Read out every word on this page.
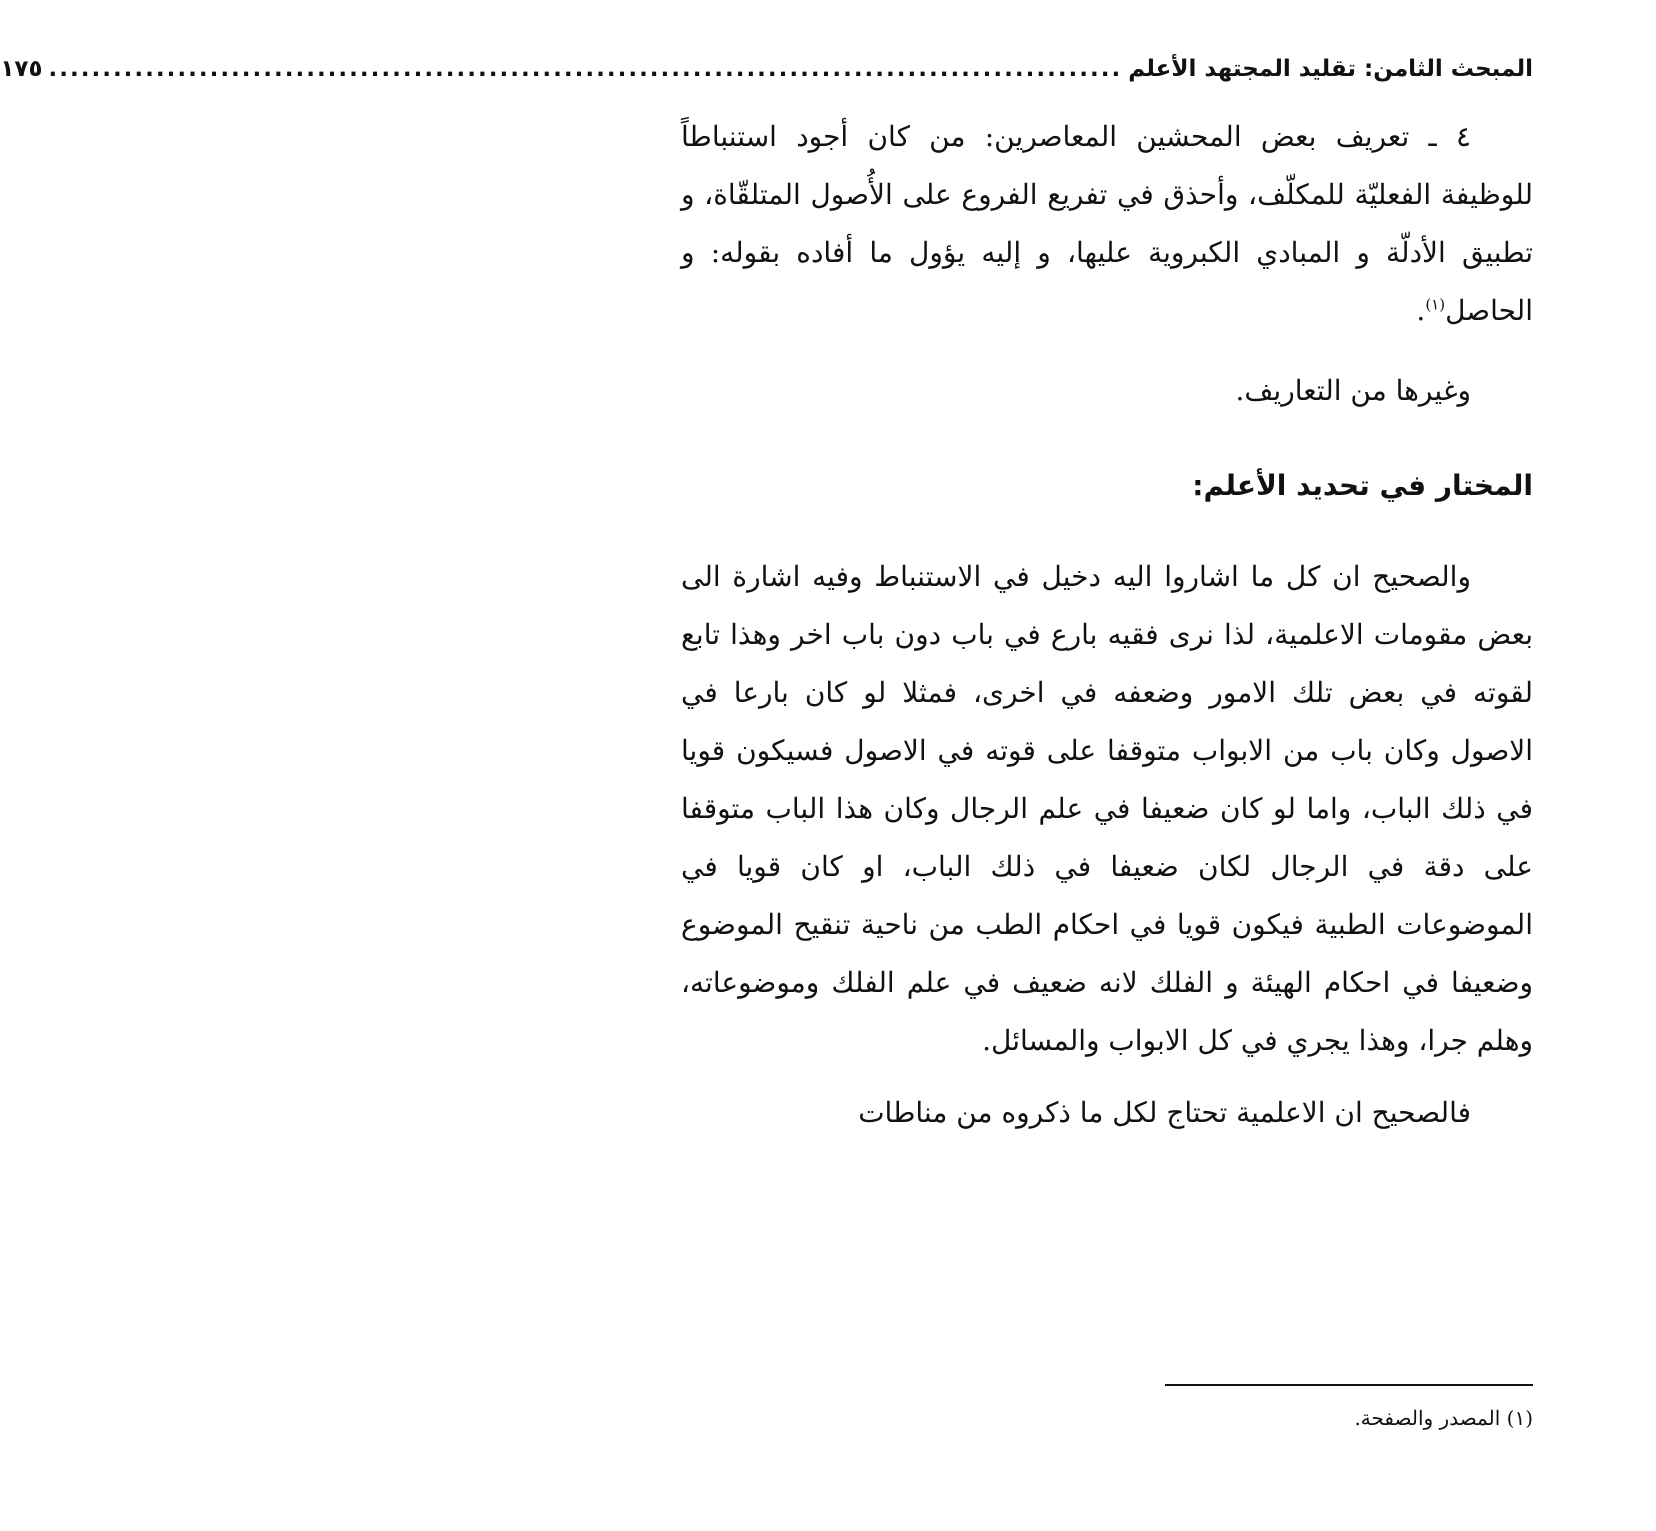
المبحث الثامن: تقليد المجتهد الأعلم
....................................................................................................
١٧٥

٤ ـ تعريف بعض المحشين المعاصرين: من كان أجود استنباطاً للوظيفة الفعليّة للمكلّف، وأحذق في تفريع الفروع على الأُصول المتلقّاة، و تطبيق الأدلّة و المبادي الكبروية عليها، و إليه يؤول ما أفاده بقوله: و الحاصل$^{(١)}$.

وغيرها من التعاريف.

المختار في تحديد الأعلم:

والصحيح ان كل ما اشاروا اليه دخيل في الاستنباط وفيه اشارة الى بعض مقومات الاعلمية، لذا نرى فقيه بارع في باب دون باب اخر وهذا تابع لقوته في بعض تلك الامور وضعفه في اخرى، فمثلا لو كان بارعا في الاصول وكان باب من الابواب متوقفا على قوته في الاصول فسيكون قويا في ذلك الباب، واما لو كان ضعيفا في علم الرجال وكان هذا الباب متوقفا على دقة في الرجال لكان ضعيفا في ذلك الباب، او كان قويا في الموضوعات الطبية فيكون قويا في احكام الطب من ناحية تنقيح الموضوع وضعيفا في احكام الهيئة و الفلك لانه ضعيف في علم الفلك وموضوعاته، وهلم جرا، وهذا يجري في كل الابواب والمسائل.

فالصحيح ان الاعلمية تحتاج لكل ما ذكروه من مناطات

(١) المصدر والصفحة.
